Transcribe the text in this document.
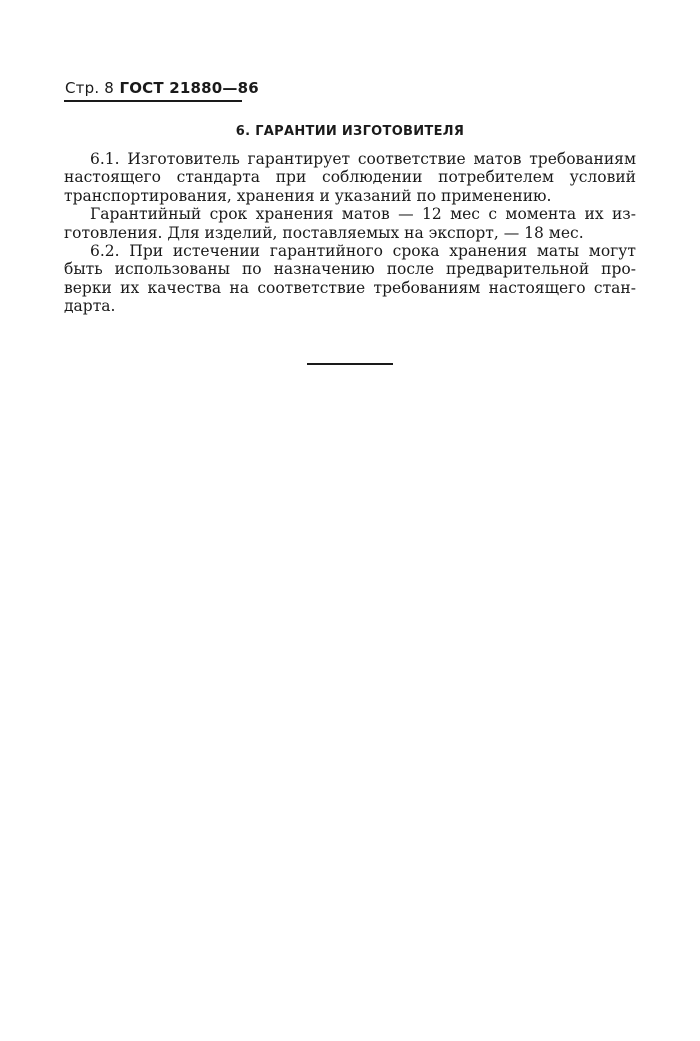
Стр. 8 ГОСТ 21880—86
6. ГАРАНТИИ ИЗГОТОВИТЕЛЯ
6.1. Изготовитель гарантирует соответствие матов требованиям
настоящего стандарта при соблюдении потребителем условий
транспортирования, хранения и указаний по применению.
Гарантийный срок хранения матов — 12 мес с момента их из-
готовления. Для изделий, поставляемых на экспорт, — 18 мес.
6.2. При истечении гарантийного срока хранения маты могут
быть использованы по назначению после предварительной про-
верки их качества на соответствие требованиям настоящего стан-
дарта.
